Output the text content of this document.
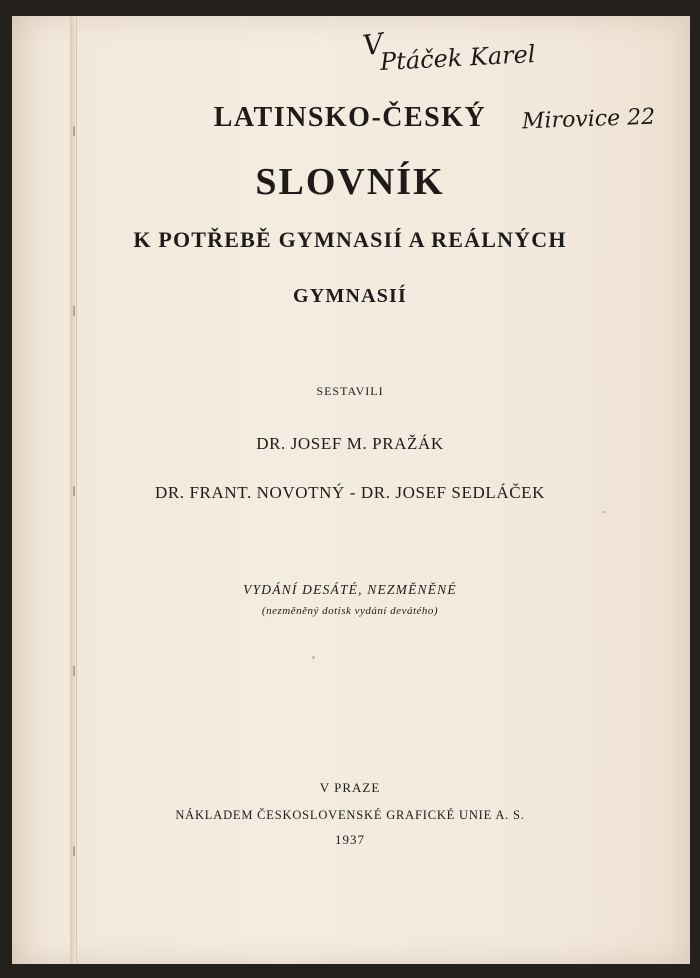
V
Ptáček Karel
Mirovice 22
LATINSKO-ČESKÝ
SLOVNÍK
K POTŘEBĚ GYMNASIÍ A REÁLNÝCH
GYMNASIÍ
SESTAVILI
DR. JOSEF M. PRAŽÁK
DR. FRANT. NOVOTNÝ - DR. JOSEF SEDLÁČEK
VYDÁNÍ DESÁTÉ, NEZMĚNĚNÉ
(nezměněný dotisk vydání devátého)
V PRAZE
NÁKLADEM ČESKOSLOVENSKÉ GRAFICKÉ UNIE A. S.
1937
